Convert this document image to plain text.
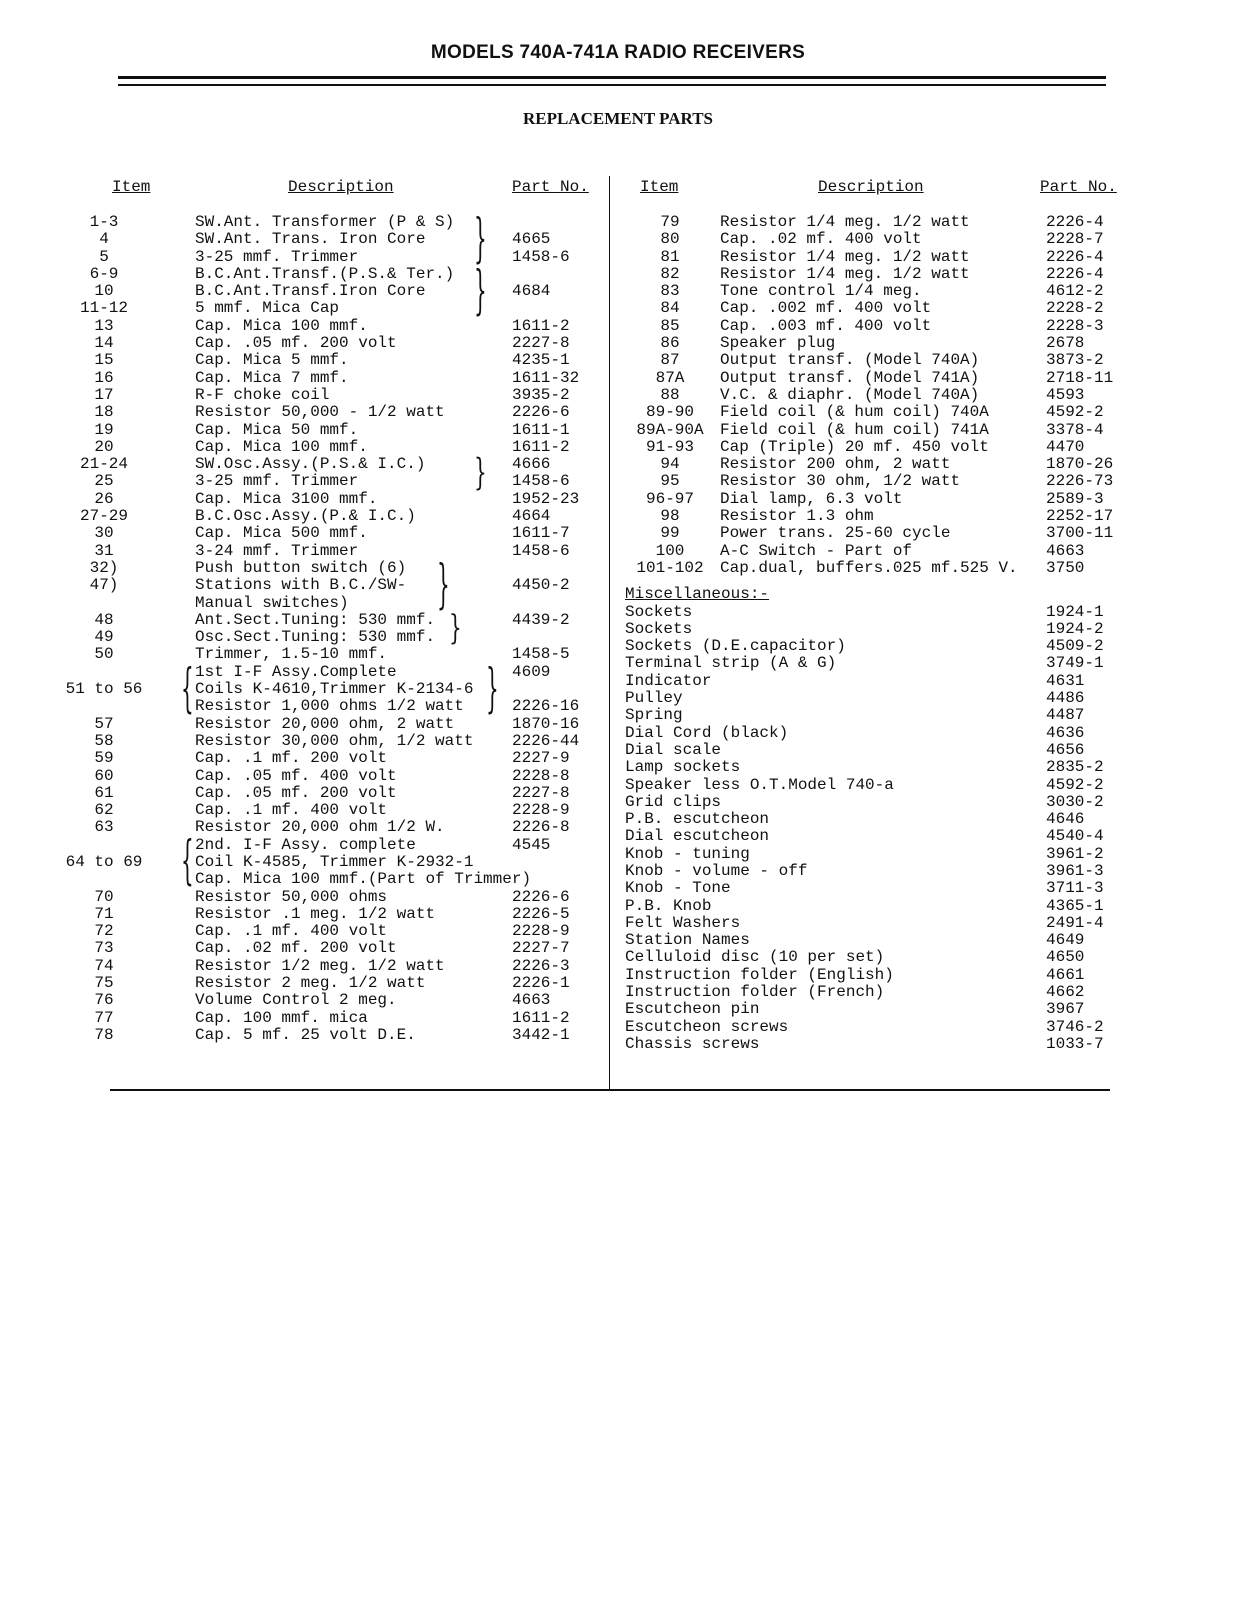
MODELS 740A-741A RADIO RECEIVERS
REPLACEMENT PARTS
Item	Description	Part No.	Item	Description	Part No.
1-3	SW.Ant. Transformer (P & S)
4	SW.Ant. Trans. Iron Core	4665
5	3-25 mmf. Trimmer	1458-6
6-9	B.C.Ant.Transf.(P.S.& Ter.)
10	B.C.Ant.Transf.Iron Core	4684
11-12	5 mmf. Mica Cap
13	Cap. Mica 100 mmf.	1611-2
14	Cap. .05 mf. 200 volt	2227-8
15	Cap. Mica 5 mmf.	4235-1
16	Cap. Mica 7 mmf.	1611-32
17	R-F choke coil	3935-2
18	Resistor 50,000 - 1/2 watt	2226-6
19	Cap. Mica 50 mmf.	1611-1
20	Cap. Mica 100 mmf.	1611-2
21-24	SW.Osc.Assy.(P.S.& I.C.)	4666
25	3-25 mmf. Trimmer	1458-6
26	Cap. Mica 3100 mmf.	1952-23
27-29	B.C.Osc.Assy.(P.& I.C.)	4664
30	Cap. Mica 500 mmf.	1611-7
31	3-24 mmf. Trimmer	1458-6
32)	Push button switch (6)
47)	Stations with B.C./SW-	4450-2
Manual switches)
48	Ant.Sect.Tuning: 530 mmf.	4439-2
49	Osc.Sect.Tuning: 530 mmf.
50	Trimmer, 1.5-10 mmf.	1458-5
1st I-F Assy.Complete	4609
51 to 56	Coils K-4610,Trimmer K-2134-6
Resistor 1,000 ohms 1/2 watt	2226-16
57	Resistor 20,000 ohm, 2 watt	1870-16
58	Resistor 30,000 ohm, 1/2 watt 2226-44
59	Cap. .1 mf. 200 volt	2227-9
60	Cap. .05 mf. 400 volt	2228-8
61	Cap. .05 mf. 200 volt	2227-8
62	Cap. .1 mf. 400 volt	2228-9
63	Resistor 20,000 ohm 1/2 W.	2226-8
2nd. I-F Assy. complete	4545
64 to 69	Coil K-4585, Trimmer K-2932-1
Cap. Mica 100 mmf.(Part of Trimmer)
70	Resistor 50,000 ohms	2226-6
71	Resistor .1 meg. 1/2 watt	2226-5
72	Cap. .1 mf. 400 volt	2228-9
73	Cap. .02 mf. 200 volt	2227-7
74	Resistor 1/2 meg. 1/2 watt	2226-3
75	Resistor 2 meg. 1/2 watt	2226-1
76	Volume Control 2 meg.	4663
77	Cap. 100 mmf. mica	1611-2
78	Cap. 5 mf. 25 volt D.E.	3442-1
79	Resistor 1/4 meg. 1/2 watt	2226-4
80	Cap. .02 mf. 400 volt	2228-7
81	Resistor 1/4 meg. 1/2 watt	2226-4
82	Resistor 1/4 meg. 1/2 watt	2226-4
83	Tone control 1/4 meg.	4612-2
84	Cap. .002 mf. 400 volt	2228-2
85	Cap. .003 mf. 400 volt	2228-3
86	Speaker plug	2678
87	Output transf. (Model 740A)	3873-2
87A	Output transf. (Model 741A)	2718-11
88	V.C. & diaphr. (Model 740A)	4593
89-90	Field coil (& hum coil) 740A	4592-2
89A-90A	Field coil (& hum coil) 741A	3378-4
91-93	Cap (Triple) 20 mf. 450 volt	4470
94	Resistor 200 ohm, 2 watt	1870-26
95	Resistor 30 ohm, 1/2 watt	2226-73
96-97	Dial lamp, 6.3 volt	2589-3
98	Resistor 1.3 ohm	2252-17
99	Power trans. 25-60 cycle	3700-11
100	A-C Switch - Part of	4663
101-102	Cap.dual, buffers.025 mf.525 V. 3750
Miscellaneous:-
Sockets	1924-1
Sockets	1924-2
Sockets (D.E.capacitor)	4509-2
Terminal strip (A & G)	3749-1
Indicator	4631
Pulley	4486
Spring	4487
Dial Cord (black)	4636
Dial scale	4656
Lamp sockets	2835-2
Speaker less O.T.Model 740-a	4592-2
Grid clips	3030-2
P.B. escutcheon	4646
Dial escutcheon	4540-4
Knob - tuning	3961-2
Knob - volume - off	3961-3
Knob - Tone	3711-3
P.B. Knob	4365-1
Felt Washers	2491-4
Station Names	4649
Celluloid disc (10 per set)	4650
Instruction folder (English)	4661
Instruction folder (French)	4662
Escutcheon pin	3967
Escutcheon screws	3746-2
Chassis screws	1033-7
}
}
}
}
}
{	}
{
